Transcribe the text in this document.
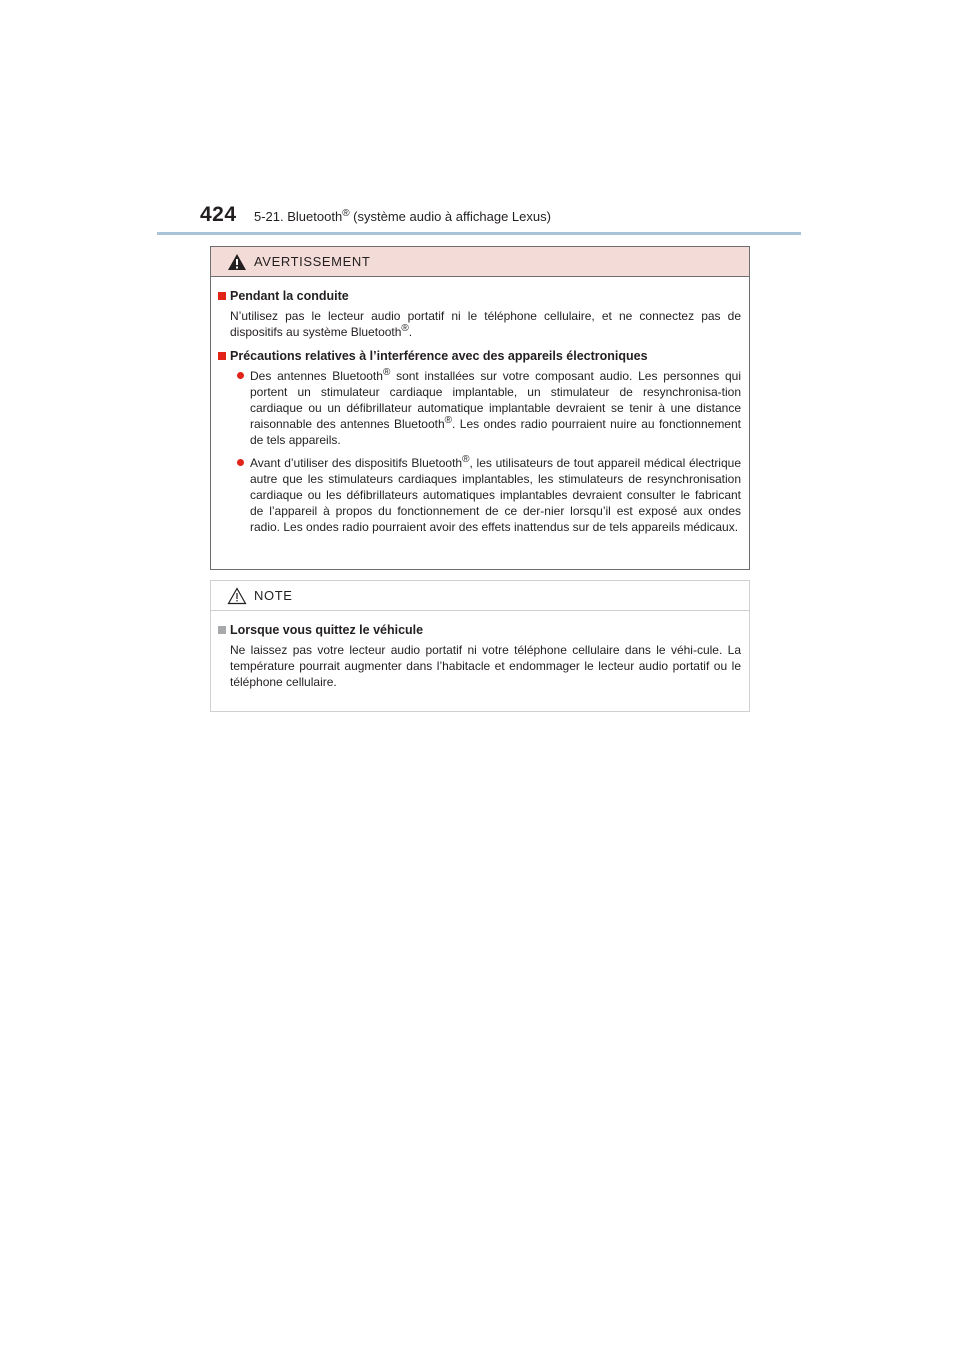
424 5-21. Bluetooth® (système audio à affichage Lexus)
AVERTISSEMENT
Pendant la conduite

N’utilisez pas le lecteur audio portatif ni le téléphone cellulaire, et ne connectez pas de dispositifs au système Bluetooth®.

Précautions relatives à l’interférence avec des appareils électroniques

Des antennes Bluetooth® sont installées sur votre composant audio. Les personnes qui portent un stimulateur cardiaque implantable, un stimulateur de resynchronisa-tion cardiaque ou un défibrillateur automatique implantable devraient se tenir à une distance raisonnable des antennes Bluetooth®. Les ondes radio pourraient nuire au fonctionnement de tels appareils.

Avant d’utiliser des dispositifs Bluetooth®, les utilisateurs de tout appareil médical électrique autre que les stimulateurs cardiaques implantables, les stimulateurs de resynchronisation cardiaque ou les défibrillateurs automatiques implantables devraient consulter le fabricant de l’appareil à propos du fonctionnement de ce der-nier lorsqu’il est exposé aux ondes radio. Les ondes radio pourraient avoir des effets inattendus sur de tels appareils médicaux.

NOTE
Lorsque vous quittez le véhicule

Ne laissez pas votre lecteur audio portatif ni votre téléphone cellulaire dans le véhi-cule. La température pourrait augmenter dans l’habitacle et endommager le lecteur audio portatif ou le téléphone cellulaire.
